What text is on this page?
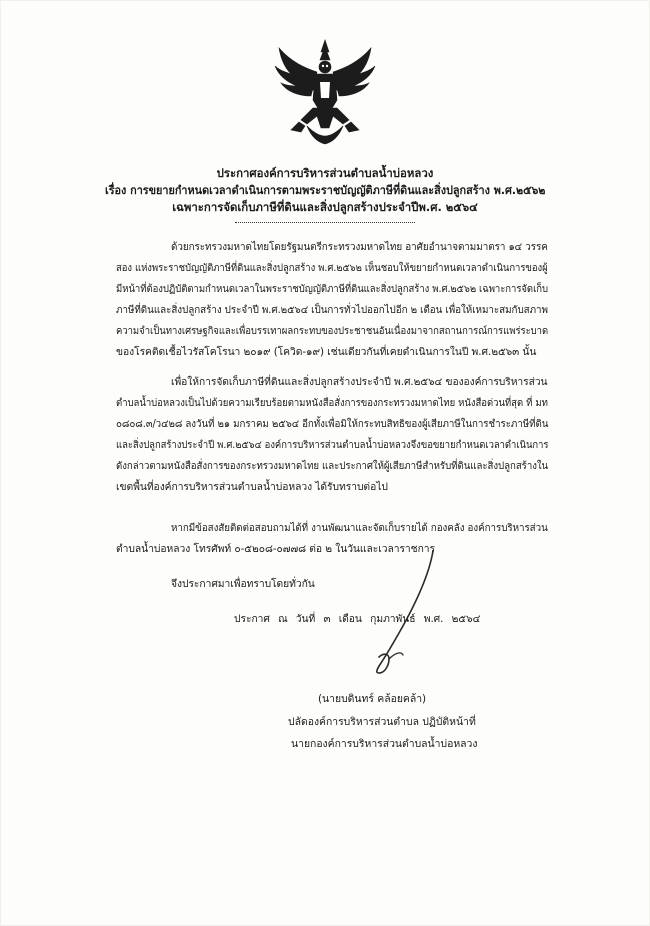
ประกาศองค์การบริหารส่วนตำบลน้ำบ่อหลวง
เรื่อง การขยายกำหนดเวลาดำเนินการตามพระราชบัญญัติภาษีที่ดินและสิ่งปลูกสร้าง พ.ศ.๒๕๖๒
เฉพาะการจัดเก็บภาษีที่ดินและสิ่งปลูกสร้างประจำปีพ.ศ. ๒๕๖๔
ด้วยกระทรวงมหาดไทยโดยรัฐมนตรีกระทรวงมหาดไทย อาศัยอำนาจตามมาตรา ๑๔ วรรค
สอง แห่งพระราชบัญญัติภาษีที่ดินและสิ่งปลูกสร้าง พ.ศ.๒๕๖๒ เห็นชอบให้ขยายกำหนดเวลาดำเนินการของผู้
มีหน้าที่ต้องปฏิบัติตามกำหนดเวลาในพระราชบัญญัติภาษีที่ดินและสิ่งปลูกสร้าง พ.ศ.๒๕๖๒ เฉพาะการจัดเก็บ
ภาษีที่ดินและสิ่งปลูกสร้าง ประจำปี พ.ศ.๒๕๖๔ เป็นการทั่วไปออกไปอีก ๒ เดือน เพื่อให้เหมาะสมกับสภาพ
ความจำเป็นทางเศรษฐกิจและเพื่อบรรเทาผลกระทบของประชาชนอันเนื่องมาจากสถานการณ์การแพร่ระบาด
ของโรคติดเชื้อไวรัสโคโรนา ๒๐๑๙ (โควิด-๑๙) เช่นเดียวกันที่เคยดำเนินการในปี พ.ศ.๒๕๖๓ นั้น
เพื่อให้การจัดเก็บภาษีที่ดินและสิ่งปลูกสร้างประจำปี พ.ศ.๒๕๖๔ ขององค์การบริหารส่วน
ตำบลน้ำบ่อหลวงเป็นไปด้วยความเรียบร้อยตามหนังสือสั่งการของกระทรวงมหาดไทย หนังสือด่วนที่สุด ที่ มท
๐๘๐๘.๓/ว๔๒๘ ลงวันที่ ๒๑ มกราคม ๒๕๖๔ อีกทั้งเพื่อมิให้กระทบสิทธิของผู้เสียภาษีในการชำระภาษีที่ดิน
และสิ่งปลูกสร้างประจำปี พ.ศ.๒๕๖๔ องค์การบริหารส่วนตำบลน้ำบ่อหลวงจึงขอขยายกำหนดเวลาดำเนินการ
ดังกล่าวตามหนังสือสั่งการของกระทรวงมหาดไทย และประกาศให้ผู้เสียภาษีสำหรับที่ดินและสิ่งปลูกสร้างใน
เขตพื้นที่องค์การบริหารส่วนตำบลน้ำบ่อหลวง ได้รับทราบต่อไป
หากมีข้อสงสัยติดต่อสอบถามได้ที่ งานพัฒนาและจัดเก็บรายได้ กองคลัง องค์การบริหารส่วน
ตำบลน้ำบ่อหลวง โทรศัพท์ ๐-๕๒๐๘-๐๗๗๘ ต่อ ๒ ในวันและเวลาราชการ
จึงประกาศมาเพื่อทราบโดยทั่วกัน
ประกาศ ณ วันที่ ๓ เดือน กุมภาพันธ์ พ.ศ. ๒๕๖๔
(นายบดินทร์ คล้อยคล้า)
ปลัดองค์การบริหารส่วนตำบล ปฏิบัติหน้าที่
นายกองค์การบริหารส่วนตำบลน้ำบ่อหลวง
